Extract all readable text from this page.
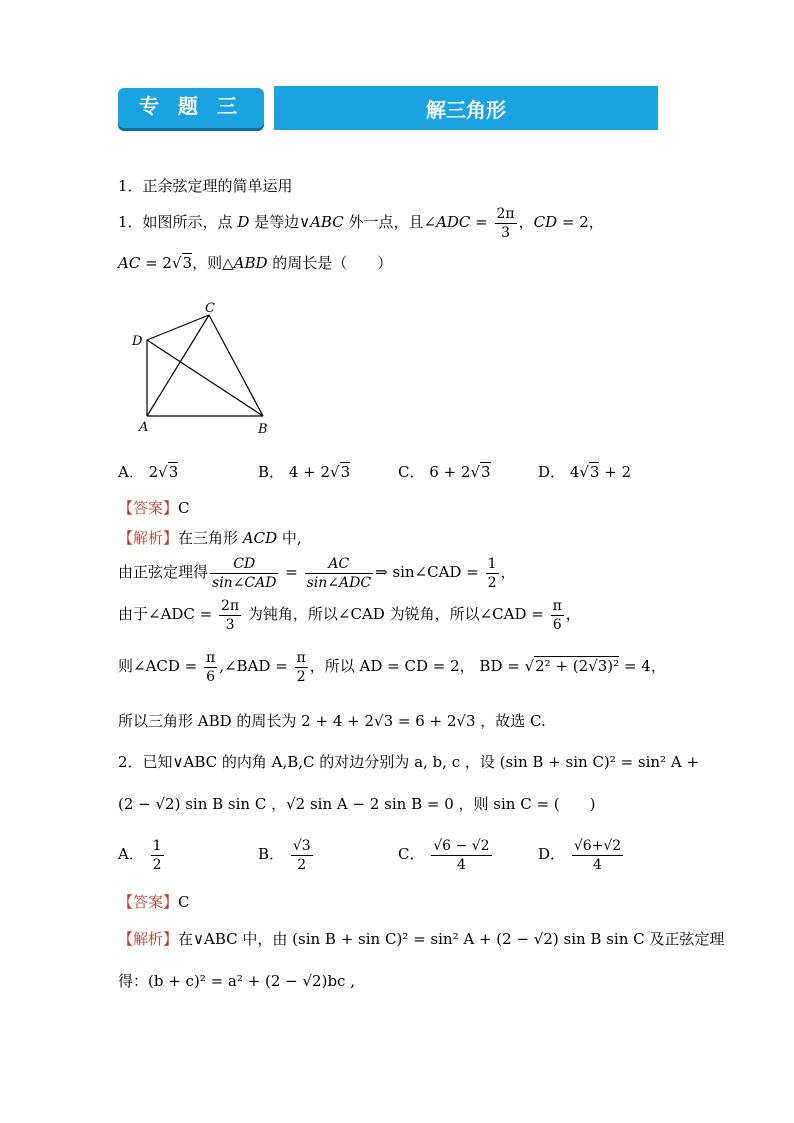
专 题 三	解三角形
1．正余弦定理的简单运用
1．如图所示，点 D 是等边∨ABC 外一点，且∠ADC = $\frac{2\pi}{3}$ ，CD = 2，
AC = 2√3，则△ABD 的周长是（　　）
C
D
A	B
A． 2√3	B． 4 + 2√3	C． 6 + 2√3	D． 4√3 + 2
【答案】C
【解析】在三角形 ACD 中,
由正弦定理得 $\frac{CD}{\text{sin∠CAD}} = \frac{AC}{\text{sin∠ADC}}$ ⇒ sin∠CAD = $\frac{1}{2}$ ，
由于∠ADC = $\frac{2\pi}{3}$ 为钝角，所以∠CAD 为锐角，所以∠CAD = $\frac{\pi}{6}$ ，
则∠ACD = $\frac{\pi}{6}$ ,∠BAD = $\frac{\pi}{2}$ ，所以 AD = CD = 2， BD = √2² + (2√3)² = 4，
所以三角形 ABD 的周长为 2 + 4 + 2√3 = 6 + 2√3 ，故选 C.
2．已知∨ABC 的内角 A,B,C 的对边分别为 a, b, c ，设 (sin B + sin C)² = sin² A +
(2 − √2) sin B sin C ，√2 sin A − 2 sin B = 0 ，则 sin C = (　　)
A． $\frac{1}{2}$	B． $\frac{√3}{2}$	C． $\frac{√6 - √2}{4}$	D． $\frac{√6+√2}{4}$
【答案】C
【解析】在∨ABC 中，由 (sin B + sin C)² = sin² A + (2 − √2) sin B sin C 及正弦定理
得：(b + c)² = a² + (2 − √2)bc ,
